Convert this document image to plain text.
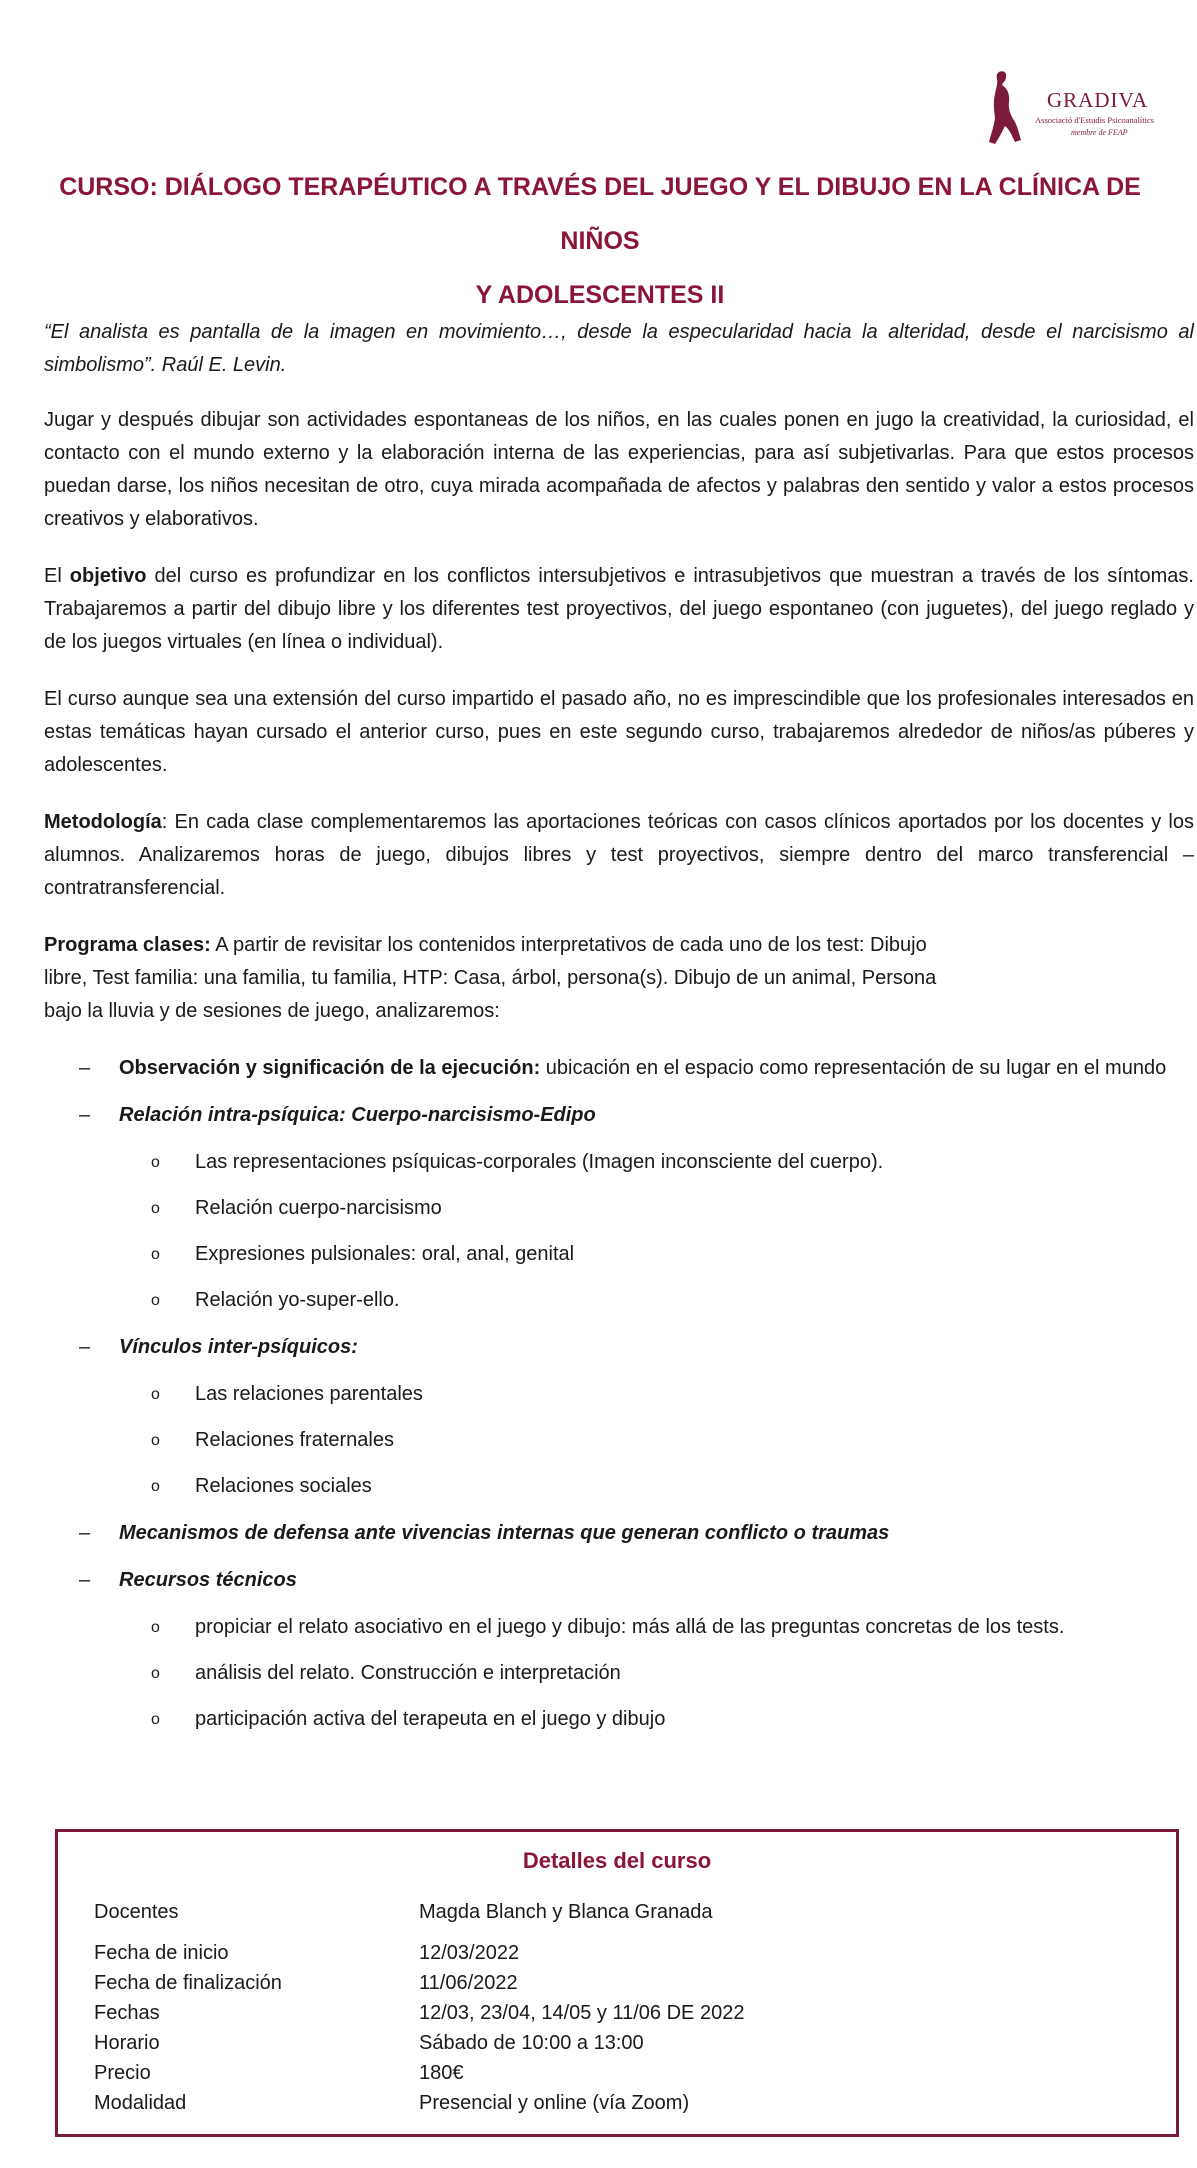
GRADIVA
Associació d'Estudis Psicoanalítics
membre de FEAP
CURSO: DIÁLOGO TERAPÉUTICO A TRAVÉS DEL JUEGO Y EL DIBUJO EN LA CLÍNICA DE NIÑOS
Y ADOLESCENTES II

“El analista es pantalla de la imagen en movimiento…, desde la especularidad hacia la alteridad, desde el narcisismo al simbolismo”. Raúl E. Levin.

Jugar y después dibujar son actividades espontaneas de los niños, en las cuales ponen en jugo la creatividad, la curiosidad, el contacto con el mundo externo y la elaboración interna de las experiencias, para así subjetivarlas. Para que estos procesos puedan darse, los niños necesitan de otro, cuya mirada acompañada de afectos y palabras den sentido y valor a estos procesos creativos y elaborativos.

El objetivo del curso es profundizar en los conflictos intersubjetivos e intrasubjetivos que muestran a través de los síntomas. Trabajaremos a partir del dibujo libre y los diferentes test proyectivos, del juego espontaneo (con juguetes), del juego reglado y de los juegos virtuales (en línea o individual).

El curso aunque sea una extensión del curso impartido el pasado año, no es imprescindible que los profesionales interesados en estas temáticas hayan cursado el anterior curso, pues en este segundo curso, trabajaremos alrededor de niños/as púberes y adolescentes.

Metodología: En cada clase complementaremos las aportaciones teóricas con casos clínicos aportados por los docentes y los alumnos. Analizaremos horas de juego, dibujos libres y test proyectivos, siempre dentro del marco transferencial – contratransferencial.

Programa clases: A partir de revisitar los contenidos interpretativos de cada uno de los test: Dibujo
libre, Test familia: una familia, tu familia, HTP: Casa, árbol, persona(s). Dibujo de un animal, Persona
bajo la lluvia y de sesiones de juego, analizaremos:

– Observación y significación de la ejecución: ubicación en el espacio como representación de su lugar en el mundo
– Relación intra-psíquica: Cuerpo-narcisismo-Edipo
o Las representaciones psíquicas-corporales (Imagen inconsciente del cuerpo).
o Relación cuerpo-narcisismo
o Expresiones pulsionales: oral, anal, genital
o Relación yo-super-ello.
– Vínculos inter-psíquicos:
o Las relaciones parentales
o Relaciones fraternales
o Relaciones sociales
– Mecanismos de defensa ante vivencias internas que generan conflicto o traumas
– Recursos técnicos
o propiciar el relato asociativo en el juego y dibujo: más allá de las preguntas concretas de los tests.
o análisis del relato. Construcción e interpretación
o participación activa del terapeuta en el juego y dibujo
Detalles del curso
Docentes	Magda Blanch y Blanca Granada
Fecha de inicio	12/03/2022
Fecha de finalización	11/06/2022
Fechas	12/03, 23/04, 14/05 y 11/06 DE 2022
Horario	Sábado de 10:00 a 13:00
Precio	180€
Modalidad	Presencial y online (vía Zoom)
